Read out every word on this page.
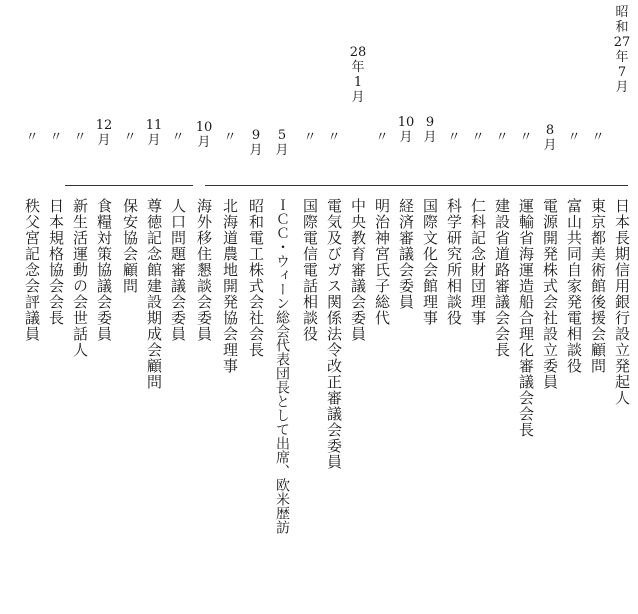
昭
和
27
年
7
月
日本長期信用銀行設立発起人
〃
東京都美術館後援会顧問
〃
富山共同自家発電相談役
8
月
電源開発株式会社設立委員
〃
運輸省海運造船合理化審議会会長
〃
建設省道路審議会会長
〃
仁科記念財団理事
〃
科学研究所相談役
9
月
国際文化会館理事
10
月
経済審議会委員
〃
明治神宮氏子総代
28
年
1
月
中央教育審議会委員
〃
電気及びガス関係法令改正審議会委員
〃
国際電信電話相談役
5
月
ＩＣＣ・ウィーン総会代表団長として出席、欧米歴訪
9
月
昭和電工株式会社会長
〃
北海道農地開発協会理事
10
月
海外移住懇談会委員
〃
人口問題審議会委員
11
月
尊徳記念館建設期成会顧問
〃
保安協会顧問
12
月
食糧対策協議会委員
〃
新生活運動の会世話人
〃
日本規格協会会長
〃
秩父宮記念会評議員
